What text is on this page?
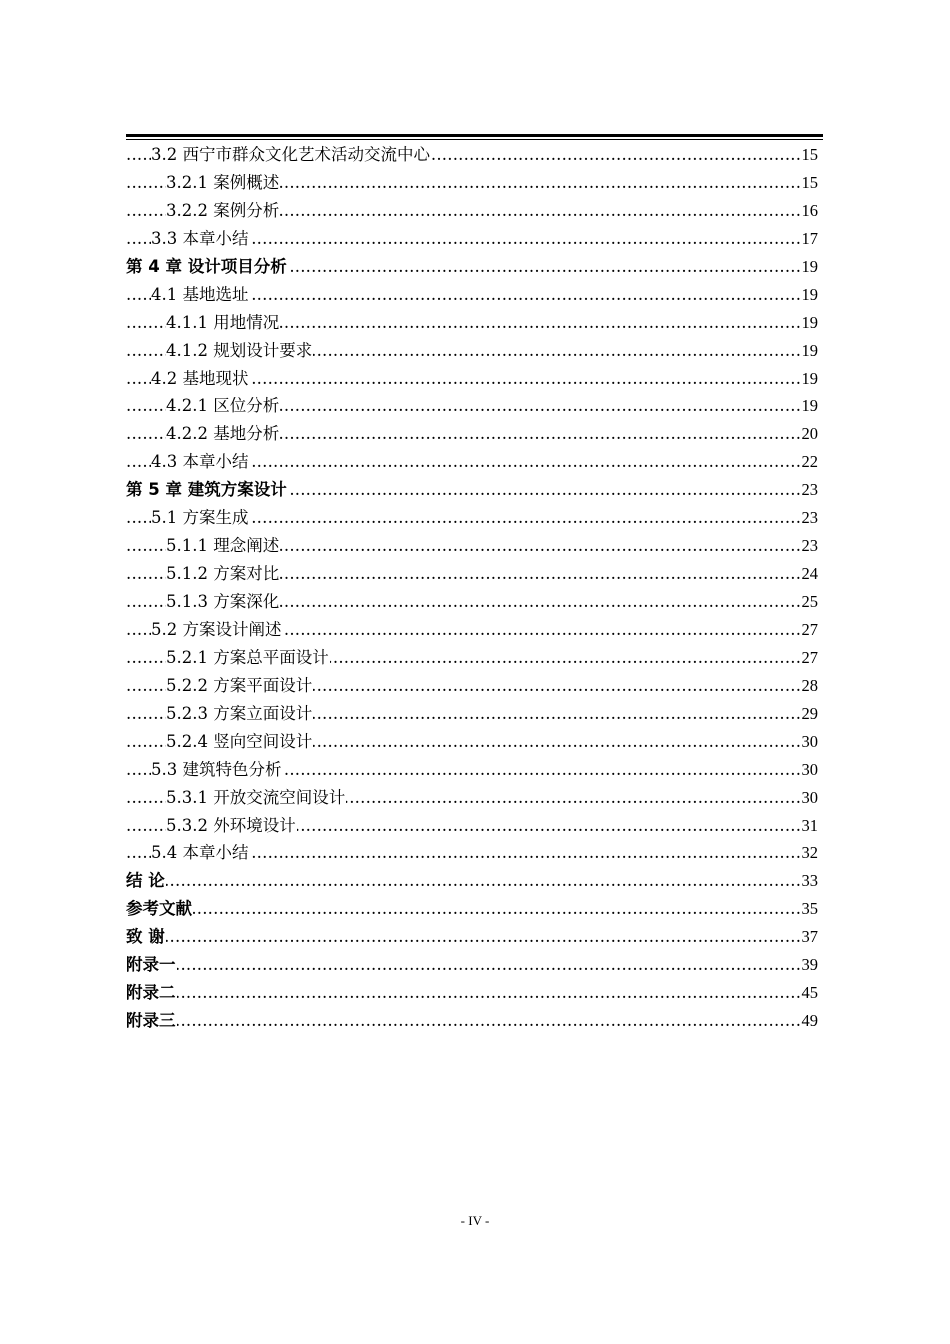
..... 3.2 西宁市群众文化艺术活动交流中心	15
..... 3.2.1 案例概述	15
..... 3.2.2 案例分析	16
..... 3.3 本章小结	17
..... 第 4 章 设计项目分析	19
..... 4.1 基地选址	19
..... 4.1.1 用地情况	19
..... 4.1.2 规划设计要求	19
..... 4.2 基地现状	19
..... 4.2.1 区位分析	19
..... 4.2.2 基地分析	20
..... 4.3 本章小结	22
..... 第 5 章 建筑方案设计	23
..... 5.1 方案生成	23
..... 5.1.1 理念阐述	23
..... 5.1.2 方案对比	24
..... 5.1.3 方案深化	25
..... 5.2 方案设计阐述	27
..... 5.2.1 方案总平面设计	27
..... 5.2.2 方案平面设计	28
..... 5.2.3 方案立面设计	29
..... 5.2.4 竖向空间设计	30
..... 5.3 建筑特色分析	30
..... 5.3.1 开放交流空间设计	30
..... 5.3.2 外环境设计	31
..... 5.4 本章小结	32
..... 结 论	33
..... 参考文献	35
..... 致 谢	37
..... 附录一	39
..... 附录二	45
..... 附录三	49
- IV -
